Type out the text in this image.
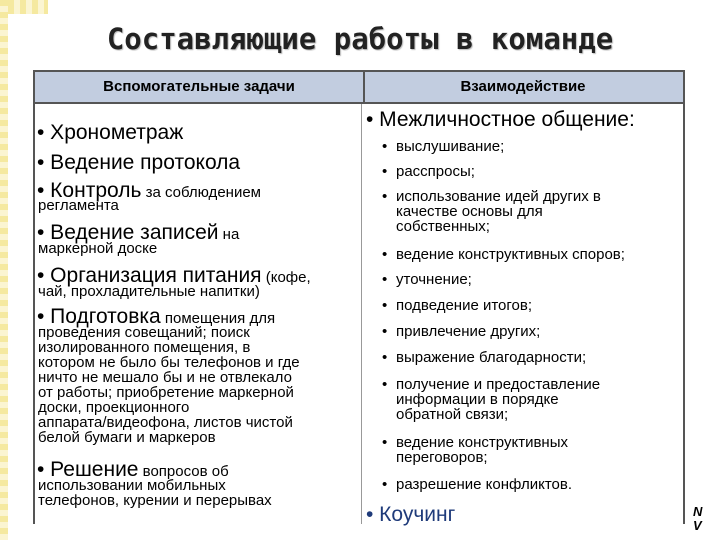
Составляющие работы в команде
Вспомогательные задачи	Взаимодействие
• Хронометраж
• Ведение протокола
• Контроль за соблюдением
регламента
• Ведение записей на
маркерной доске
• Организация питания (кофе,
чай, прохладительные напитки)
• Подготовка помещения для
проведения совещаний; поиск
изолированного помещения, в
котором не было бы телефонов и где
ничто не мешало бы и не отвлекало
от работы; приобретение маркерной
доски, проекционного
аппарата/видеофона, листов чистой
белой бумаги и маркеров
• Решение вопросов об
использовании мобильных
телефонов, курении и перерывах
• Межличностное общение:
• выслушивание;
• расспросы;
• использование идей других в
качестве основы для
собственных;
• ведение конструктивных споров;
• уточнение;
• подведение итогов;
• привлечение других;
• выражение благодарности;
• получение и предоставление
информации в порядке
обратной связи;
• ведение конструктивных
переговоров;
• разрешение конфликтов.
• Коучинг	N
V
